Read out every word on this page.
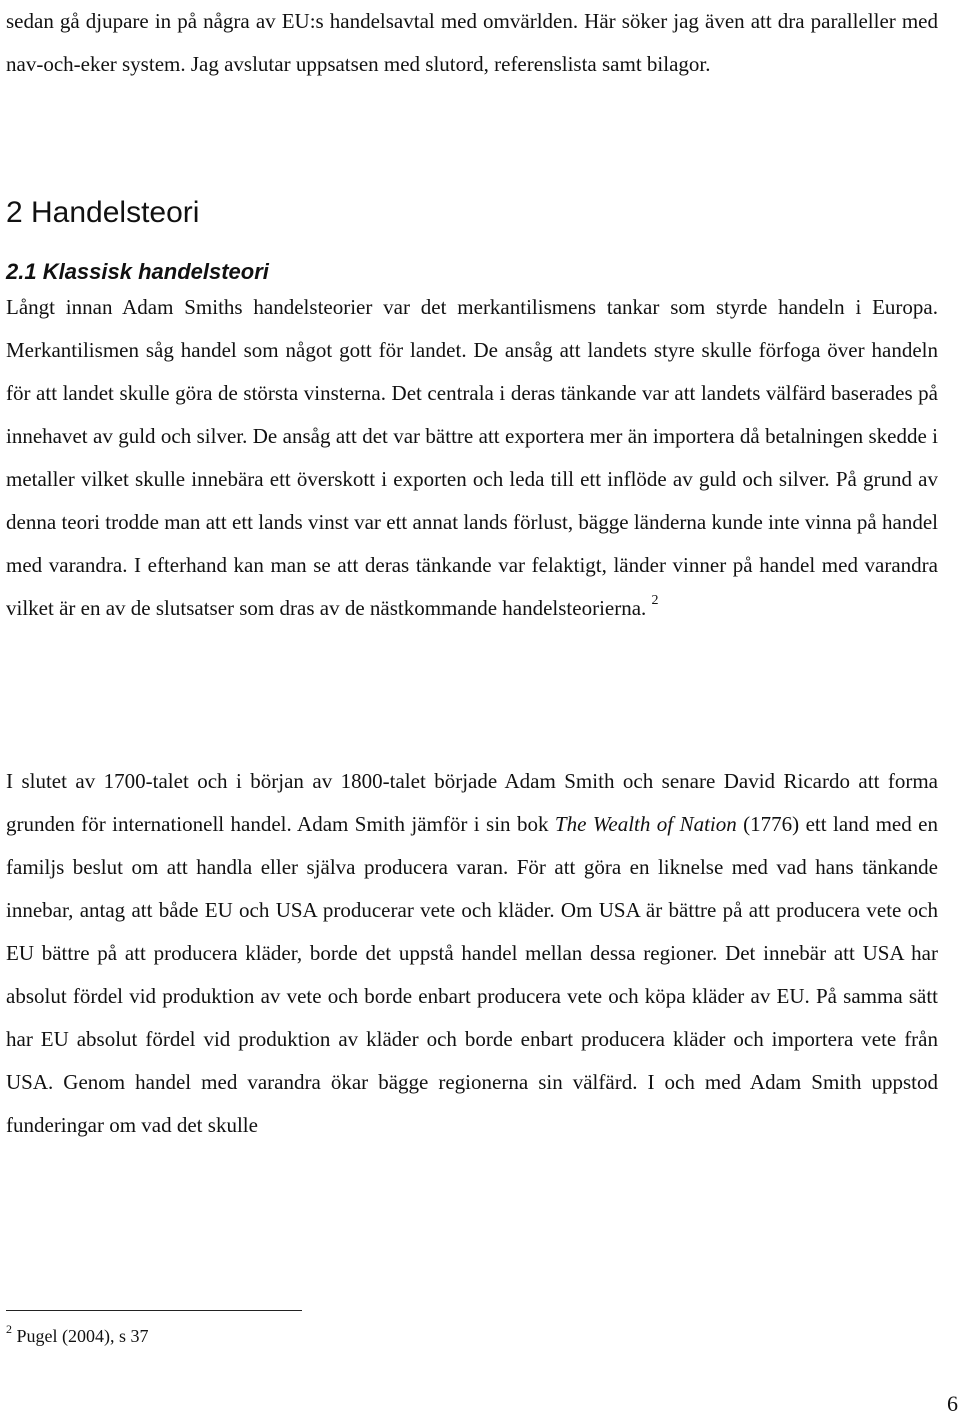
sedan gå djupare in på några av EU:s handelsavtal med omvärlden. Här söker jag även att dra paralleller med nav-och-eker system. Jag avslutar uppsatsen med slutord, referenslista samt bilagor.

2 Handelsteori
2.1 Klassisk handelsteori

Långt innan Adam Smiths handelsteorier var det merkantilismens tankar som styrde handeln i Europa. Merkantilismen såg handel som något gott för landet. De ansåg att landets styre skulle förfoga över handeln för att landet skulle göra de största vinsterna. Det centrala i deras tänkande var att landets välfärd baserades på innehavet av guld och silver. De ansåg att det var bättre att exportera mer än importera då betalningen skedde i metaller vilket skulle innebära ett överskott i exporten och leda till ett inflöde av guld och silver. På grund av denna teori trodde man att ett lands vinst var ett annat lands förlust, bägge länderna kunde inte vinna på handel med varandra. I efterhand kan man se att deras tänkande var felaktigt, länder vinner på handel med varandra vilket är en av de slutsatser som dras av de nästkommande handelsteorierna. $^2$

I slutet av 1700-talet och i början av 1800-talet började Adam Smith och senare David Ricardo att forma grunden för internationell handel. Adam Smith jämför i sin bok The Wealth of Nation (1776) ett land med en familjs beslut om att handla eller själva producera varan. För att göra en liknelse med vad hans tänkande innebar, antag att både EU och USA producerar vete och kläder. Om USA är bättre på att producera vete och EU bättre på att producera kläder, borde det uppstå handel mellan dessa regioner. Det innebär att USA har absolut fördel vid produktion av vete och borde enbart producera vete och köpa kläder av EU. På samma sätt har EU absolut fördel vid produktion av kläder och borde enbart producera kläder och importera vete från USA. Genom handel med varandra ökar bägge regionerna sin välfärd. I och med Adam Smith uppstod funderingar om vad det skulle

$^2$ Pugel (2004), s 37

6
